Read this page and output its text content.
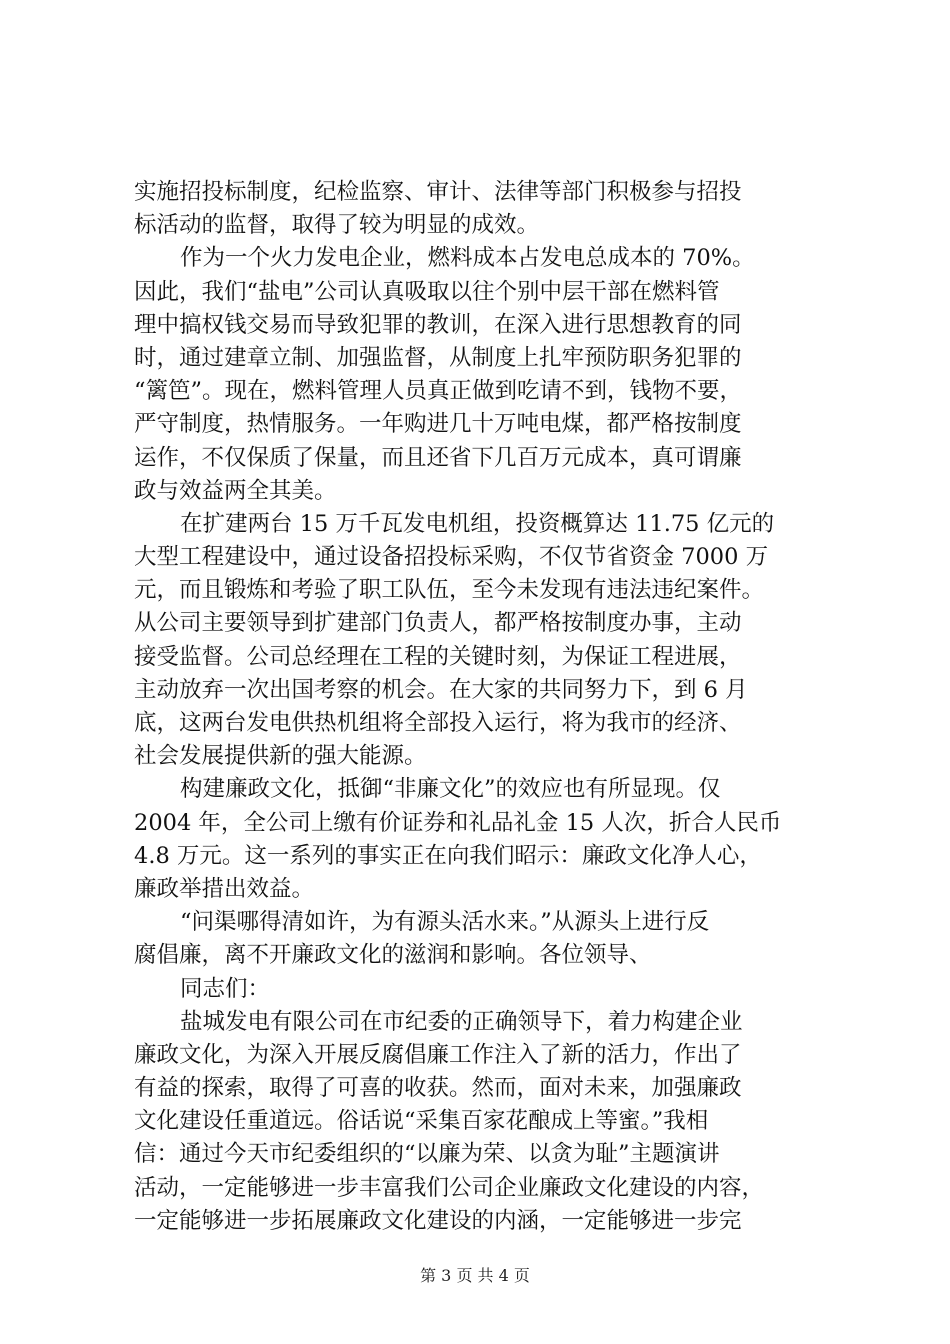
实施招投标制度，纪检监察、审计、法律等部门积极参与招投
标活动的监督，取得了较为明显的成效。
作为一个火力发电企业，燃料成本占发电总成本的 70%。
因此，我们“盐电”公司认真吸取以往个别中层干部在燃料管
理中搞权钱交易而导致犯罪的教训，在深入进行思想教育的同
时，通过建章立制、加强监督，从制度上扎牢预防职务犯罪的
“篱笆”。现在，燃料管理人员真正做到吃请不到，钱物不要，
严守制度，热情服务。一年购进几十万吨电煤，都严格按制度
运作，不仅保质了保量，而且还省下几百万元成本，真可谓廉
政与效益两全其美。
在扩建两台 15 万千瓦发电机组，投资概算达 11.75 亿元的
大型工程建设中，通过设备招投标采购，不仅节省资金 7000 万
元，而且锻炼和考验了职工队伍，至今未发现有违法违纪案件。
从公司主要领导到扩建部门负责人，都严格按制度办事，主动
接受监督。公司总经理在工程的关键时刻，为保证工程进展，
主动放弃一次出国考察的机会。在大家的共同努力下，到 6 月
底，这两台发电供热机组将全部投入运行，将为我市的经济、
社会发展提供新的强大能源。
构建廉政文化，抵御“非廉文化”的效应也有所显现。仅
2004 年，全公司上缴有价证券和礼品礼金 15 人次，折合人民币
4.8 万元。这一系列的事实正在向我们昭示：廉政文化净人心，
廉政举措出效益。
“问渠哪得清如许，为有源头活水来。”从源头上进行反
腐倡廉，离不开廉政文化的滋润和影响。各位领导、
同志们：
盐城发电有限公司在市纪委的正确领导下，着力构建企业
廉政文化，为深入开展反腐倡廉工作注入了新的活力，作出了
有益的探索，取得了可喜的收获。然而，面对未来，加强廉政
文化建设任重道远。俗话说“采集百家花酿成上等蜜。”我相
信：通过今天市纪委组织的“以廉为荣、以贪为耻”主题演讲
活动，一定能够进一步丰富我们公司企业廉政文化建设的内容，
一定能够进一步拓展廉政文化建设的内涵，一定能够进一步完
第 3 页 共 4 页
